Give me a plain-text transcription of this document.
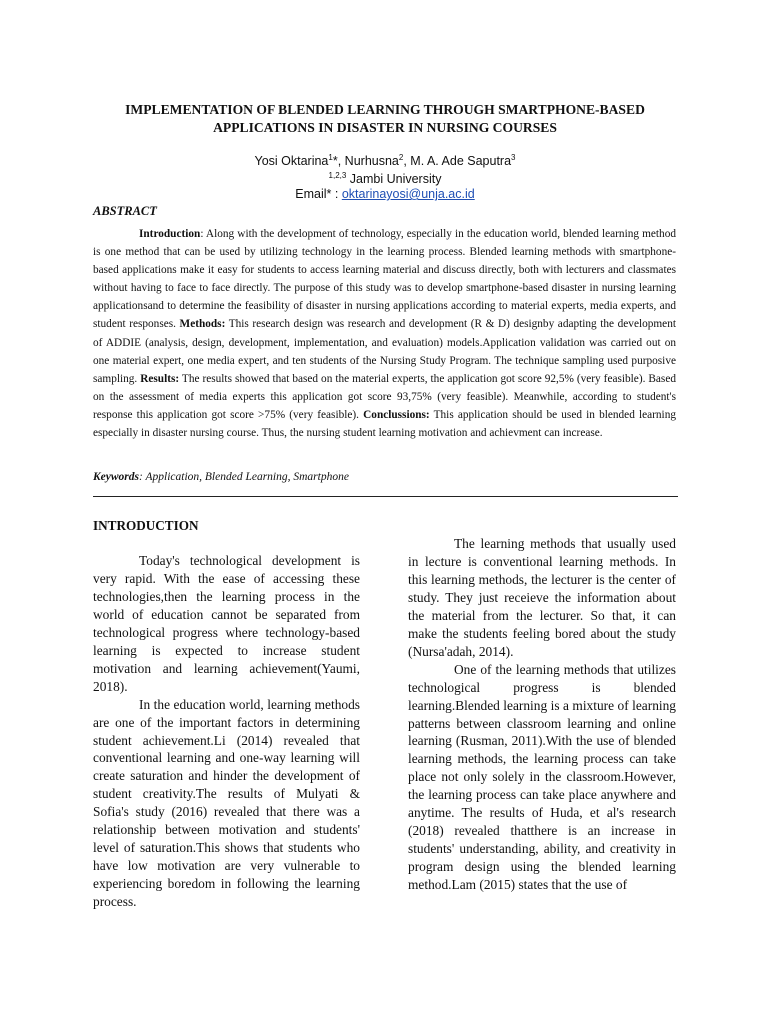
IMPLEMENTATION OF BLENDED LEARNING THROUGH SMARTPHONE-BASED APPLICATIONS IN DISASTER IN NURSING COURSES
Yosi Oktarina$^1$*, Nurhusna$^2$, M. A. Ade Saputra$^3$
$^{1,2,3}$ Jambi University
Email* : oktarinayosi@unja.ac.id
ABSTRACT

Introduction: Along with the development of technology, especially in the education world, blended learning method is one method that can be used by utilizing technology in the learning process. Blended learning methods with smartphone-based applications make it easy for students to access learning material and discuss directly, both with lecturers and classmates without having to face to face directly. The purpose of this study was to develop smartphone-based disaster in nursing learning applicationsand to determine the feasibility of disaster in nursing applications according to material experts, media experts, and student responses. Methods: This research design was research and development (R & D) designby adapting the development of ADDIE (analysis, design, development, implementation, and evaluation) models.Application validation was carried out on one material expert, one media expert, and ten students of the Nursing Study Program. The technique sampling used purposive sampling. Results: The results showed that based on the material experts, the application got score 92,5% (very feasible). Based on the assessment of media experts this application got score 93,75% (very feasible). Meanwhile, according to student's response this application got score >75% (very feasible). Conclussions: This application should be used in blended learning especially in disaster nursing course. Thus, the nursing student learning motivation and achievment can increase.

Keywords: Application, Blended Learning, Smartphone
INTRODUCTION

Today's technological development is very rapid. With the ease of accessing these technologies,then the learning process in the world of education cannot be separated from technological progress where technology-based learning is expected to increase student motivation and learning achievement(Yaumi, 2018).

In the education world, learning methods are one of the important factors in determining student achievement.Li (2014) revealed that conventional learning and one-way learning will create saturation and hinder the development of student creativity.The results of Mulyati & Sofia's study (2016) revealed that there was a relationship between motivation and students' level of saturation.This shows that students who have low motivation are very vulnerable to experiencing boredom in following the learning process.

The learning methods that usually used in lecture is conventional learning methods. In this learning methods, the lecturer is the center of study. They just receieve the information about the material from the lecturer. So that, it can make the students feeling bored about the study (Nursa'adah, 2014).

One of the learning methods that utilizes technological progress is blended learning.Blended learning is a mixture of learning patterns between classroom learning and online learning (Rusman, 2011).With the use of blended learning methods, the learning process can take place not only solely in the classroom.However, the learning process can take place anywhere and anytime. The results of Huda, et al's research (2018) revealed thatthere is an increase in students' understanding, ability, and creativity in program design using the blended learning method.Lam (2015) states that the use of
